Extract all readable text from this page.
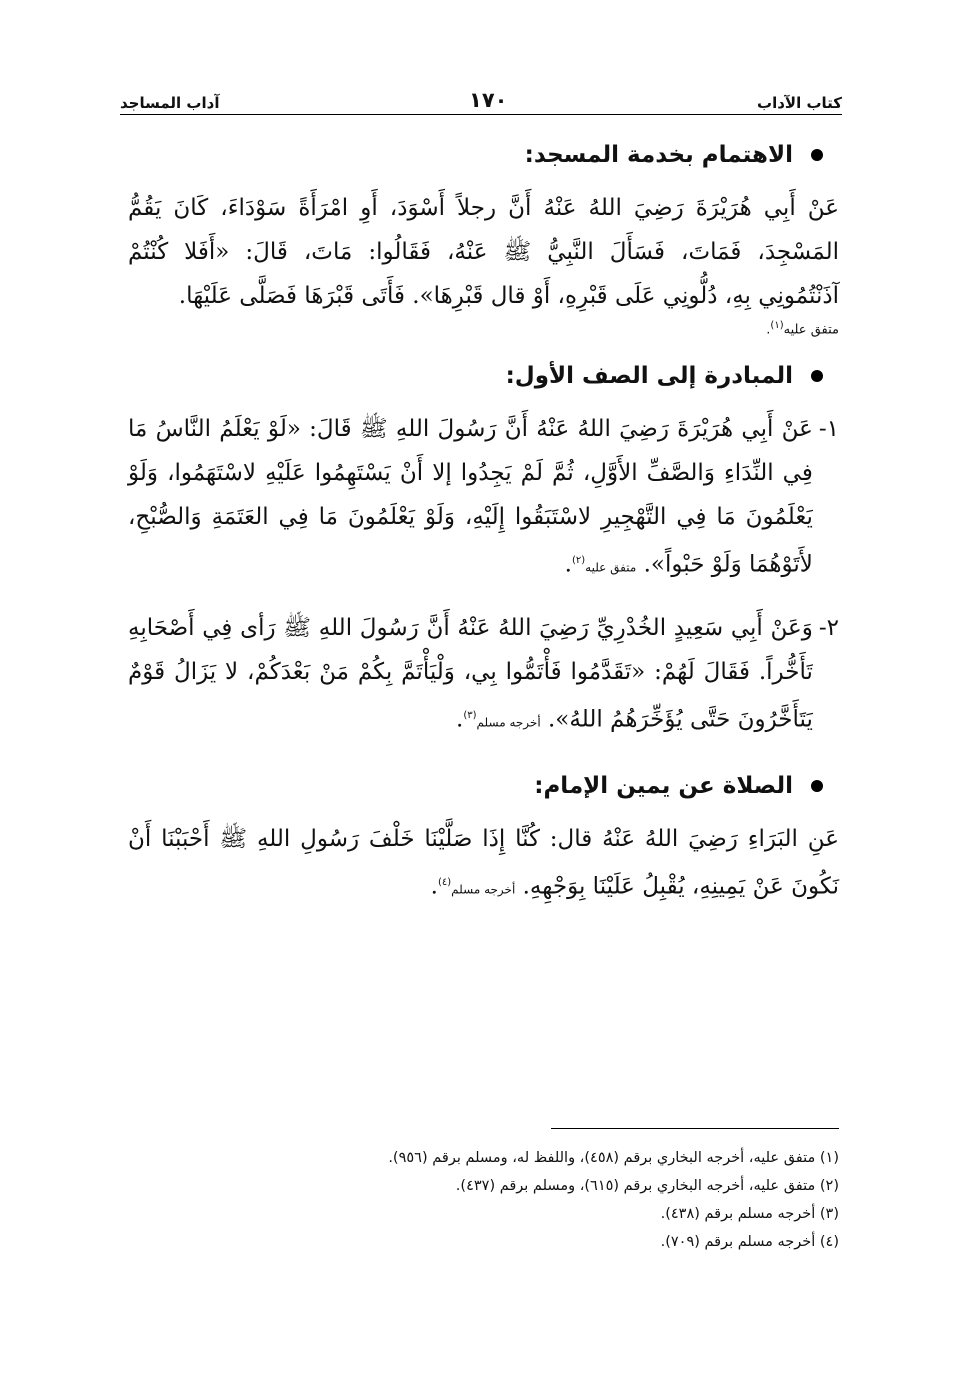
كتاب الآداب
١٧٠
آداب المساجد
الاهتمام بخدمة المسجد:

عَنْ أَبِي هُرَيْرَةَ رَضِيَ اللهُ عَنْهُ أَنَّ رجلاً أَسْوَدَ، أَوِ امْرَأَةً سَوْدَاءَ، كَانَ يَقُمُّ المَسْجِدَ، فَمَاتَ، فَسَأَلَ النَّبِيُّ ﷺ عَنْهُ، فَقَالُوا: مَاتَ، قَالَ: «أَفَلا كُنْتُمْ آذَنْتُمُونِي بِهِ، دُلُّونِي عَلَى قَبْرِهِ، أَوْ قال قَبْرِهَا». فَأَتَى قَبْرَهَا فَصَلَّى عَلَيْهَا.

متفق عليه$^{(١)}$.
المبادرة إلى الصف الأول:
١-

عَنْ أَبِي هُرَيْرَةَ رَضِيَ اللهُ عَنْهُ أَنَّ رَسُولَ اللهِ ﷺ قَالَ: «لَوْ يَعْلَمُ النَّاسُ مَا فِي النِّدَاءِ وَالصَّفِّ الأَوَّلِ، ثُمَّ لَمْ يَجِدُوا إلا أَنْ يَسْتَهِمُوا عَلَيْهِ لاسْتَهَمُوا، وَلَوْ يَعْلَمُونَ مَا فِي التَّهْجِيرِ لاسْتَبَقُوا إِلَيْهِ، وَلَوْ يَعْلَمُونَ مَا فِي العَتَمَةِ وَالصُّبْحِ، لأَتَوْهُمَا وَلَوْ حَبْواً». متفق عليه$^{(٢)}$.

٢-

وَعَنْ أَبِي سَعِيدٍ الخُدْرِيِّ رَضِيَ اللهُ عَنْهُ أَنَّ رَسُولَ اللهِ ﷺ رَأى فِي أَصْحَابِهِ تَأَخُّراً. فَقَالَ لَهُمْ: «تَقَدَّمُوا فَأْتَمُّوا بِي، وَلْيَأْتَمَّ بِكُمْ مَنْ بَعْدَكُمْ، لا يَزَالُ قَوْمٌ يَتَأَخَّرُونَ حَتَّى يُؤَخِّرَهُمُ اللهُ». أخرجه مسلم$^{(٣)}$.

الصلاة عن يمين الإمام:

عَنِ البَرَاءِ رَضِيَ اللهُ عَنْهُ قال: كُنَّا إِذَا صَلَّيْنَا خَلْفَ رَسُولِ اللهِ ﷺ أَحْبَبْنَا أَنْ نَكُونَ عَنْ يَمِينِهِ، يُقْبِلُ عَلَيْنَا بِوَجْهِهِ. أخرجه مسلم$^{(٤)}$.

(١) متفق عليه، أخرجه البخاري برقم (٤٥٨)، واللفظ له، ومسلم برقم (٩٥٦).
(٢) متفق عليه، أخرجه البخاري برقم (٦١٥)، ومسلم برقم (٤٣٧).
(٣) أخرجه مسلم برقم (٤٣٨).
(٤) أخرجه مسلم برقم (٧٠٩).
